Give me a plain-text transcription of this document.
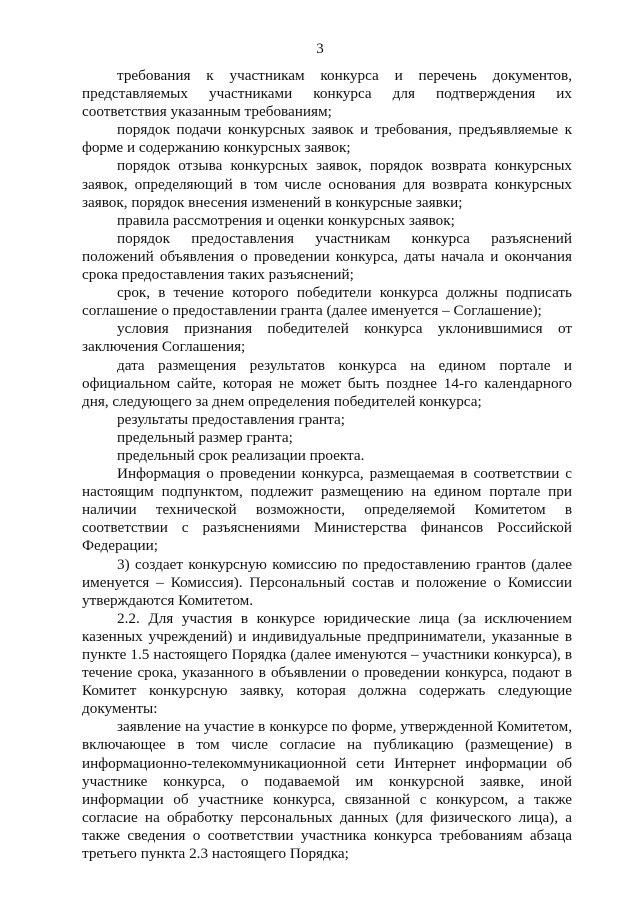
3

требования к участникам конкурса и перечень документов, представляемых участниками конкурса для подтверждения их соответствия указанным требованиям;

порядок подачи конкурсных заявок и требования, предъявляемые к форме и содержанию конкурсных заявок;

порядок отзыва конкурсных заявок, порядок возврата конкурсных заявок, определяющий в том числе основания для возврата конкурсных заявок, порядок внесения изменений в конкурсные заявки;

правила рассмотрения и оценки конкурсных заявок;

порядок предоставления участникам конкурса разъяснений положений объявления о проведении конкурса, даты начала и окончания срока предоставления таких разъяснений;

срок, в течение которого победители конкурса должны подписать соглашение о предоставлении гранта (далее именуется – Соглашение);

условия признания победителей конкурса уклонившимися от заключения Соглашения;

дата размещения результатов конкурса на едином портале и официальном сайте, которая не может быть позднее 14-го календарного дня, следующего за днем определения победителей конкурса;

результаты предоставления гранта;

предельный размер гранта;

предельный срок реализации проекта.

Информация о проведении конкурса, размещаемая в соответствии с настоящим подпунктом, подлежит размещению на едином портале при наличии технической возможности, определяемой Комитетом в соответствии с разъяснениями Министерства финансов Российской Федерации;

3) создает конкурсную комиссию по предоставлению грантов (далее именуется – Комиссия). Персональный состав и положение о Комиссии утверждаются Комитетом.

2.2. Для участия в конкурсе юридические лица (за исключением казенных учреждений) и индивидуальные предприниматели, указанные в пункте 1.5 настоящего Порядка (далее именуются – участники конкурса), в течение срока, указанного в объявлении о проведении конкурса, подают в Комитет конкурсную заявку, которая должна содержать следующие документы:

заявление на участие в конкурсе по форме, утвержденной Комитетом, включающее в том числе согласие на публикацию (размещение) в информационно-телекоммуникационной сети Интернет информации об участнике конкурса, о подаваемой им конкурсной заявке, иной информации об участнике конкурса, связанной с конкурсом, а также согласие на обработку персональных данных (для физического лица), а также сведения о соответствии участника конкурса требованиям абзаца третьего пункта 2.3 настоящего Порядка;
